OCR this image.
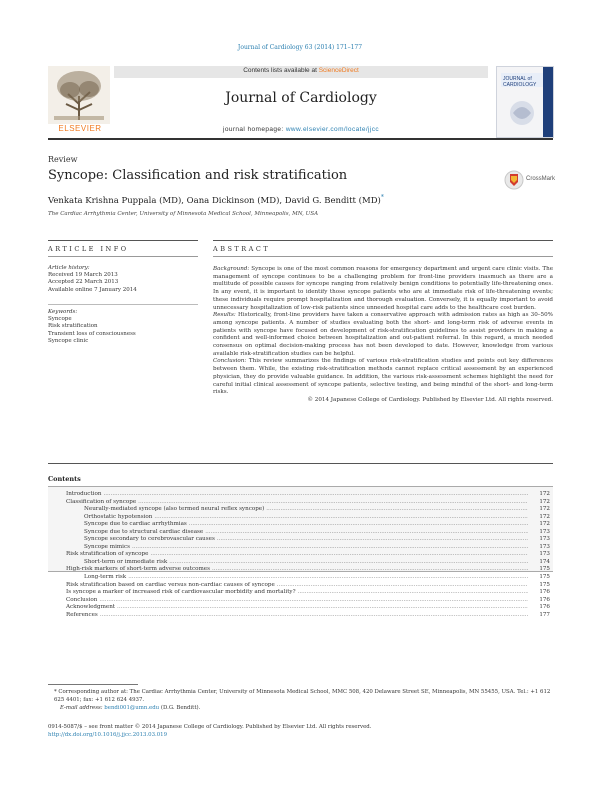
Journal of Cardiology 63 (2014) 171–177
ELSEVIER
Contents lists available at ScienceDirect
Journal of Cardiology
journal homepage: www.elsevier.com/locate/jjcc
JOURNAL of CARDIOLOGY
Review
Syncope: Classification and risk stratification	CrossMark
Venkata Krishna Puppala (MD), Oana Dickinson (MD), David G. Benditt (MD)*
The Cardiac Arrhythmia Center, University of Minnesota Medical School, Minneapolis, MN, USA
ARTICLE INFO
Article history:
Received 19 March 2013
Accepted 22 March 2013
Available online 7 January 2014
Keywords:
Syncope
Risk stratification
Transient loss of consciousness
Syncope clinic
ABSTRACT

Background: Syncope is one of the most common reasons for emergency department and urgent care clinic visits. The management of syncope continues to be a challenging problem for front-line providers inasmuch as there are a multitude of possible causes for syncope ranging from relatively benign conditions to potentially life-threatening ones. In any event, it is important to identify those syncope patients who are at immediate risk of life-threatening events; these individuals require prompt hospitalization and thorough evaluation. Conversely, it is equally important to avoid unnecessary hospitalization of low-risk patients since unneeded hospital care adds to the healthcare cost burden.

Results: Historically, front-line providers have taken a conservative approach with admission rates as high as 30–50% among syncope patients. A number of studies evaluating both the short- and long-term risk of adverse events in patients with syncope have focused on development of risk-stratification guidelines to assist providers in making a confident and well-informed choice between hospitalization and out-patient referral. In this regard, a much needed consensus on optimal decision-making process has not been developed to date. However, knowledge from various available risk-stratification studies can be helpful.

Conclusion: This review summarizes the findings of various risk-stratification studies and points out key differences between them. While, the existing risk-stratification methods cannot replace critical assessment by an experienced physician, they do provide valuable guidance. In addition, the various risk-assessment schemes highlight the need for careful initial clinical assessment of syncope patients, selective testing, and being mindful of the short- and long-term risks.

© 2014 Japanese College of Cardiology. Published by Elsevier Ltd. All rights reserved.

Contents
Introduction .....	172
Classification of syncope .....	172
Neurally-mediated syncope (also termed neural reflex syncope) .....	172
Orthostatic hypotension .....	172
Syncope due to cardiac arrhythmias .....	172
Syncope due to structural cardiac disease .....	173
Syncope secondary to cerebrovascular causes .....	173
Syncope mimics .....	173
Risk stratification of syncope .....	173
Short-term or immediate risk .....	174
High-risk markers of short-term adverse outcomes .....	175
Long-term risk .....	175
Risk stratification based on cardiac versus non-cardiac causes of syncope .....	175
Is syncope a marker of increased risk of cardiovascular morbidity and mortality? .....	176
Conclusion .....	176
Acknowledgment .....	176
References .....	177
* Corresponding author at: The Cardiac Arrhythmia Center, University of Minnesota Medical School, MMC 508, 420 Delaware Street SE, Minneapolis, MN 55455, USA. Tel.: +1 612 625 4401; fax: +1 612 624 4937.
E-mail address: bendi001@umn.edu (D.G. Benditt).
0914-5087/$ – see front matter © 2014 Japanese College of Cardiology. Published by Elsevier Ltd. All rights reserved.
http://dx.doi.org/10.1016/j.jjcc.2013.03.019
